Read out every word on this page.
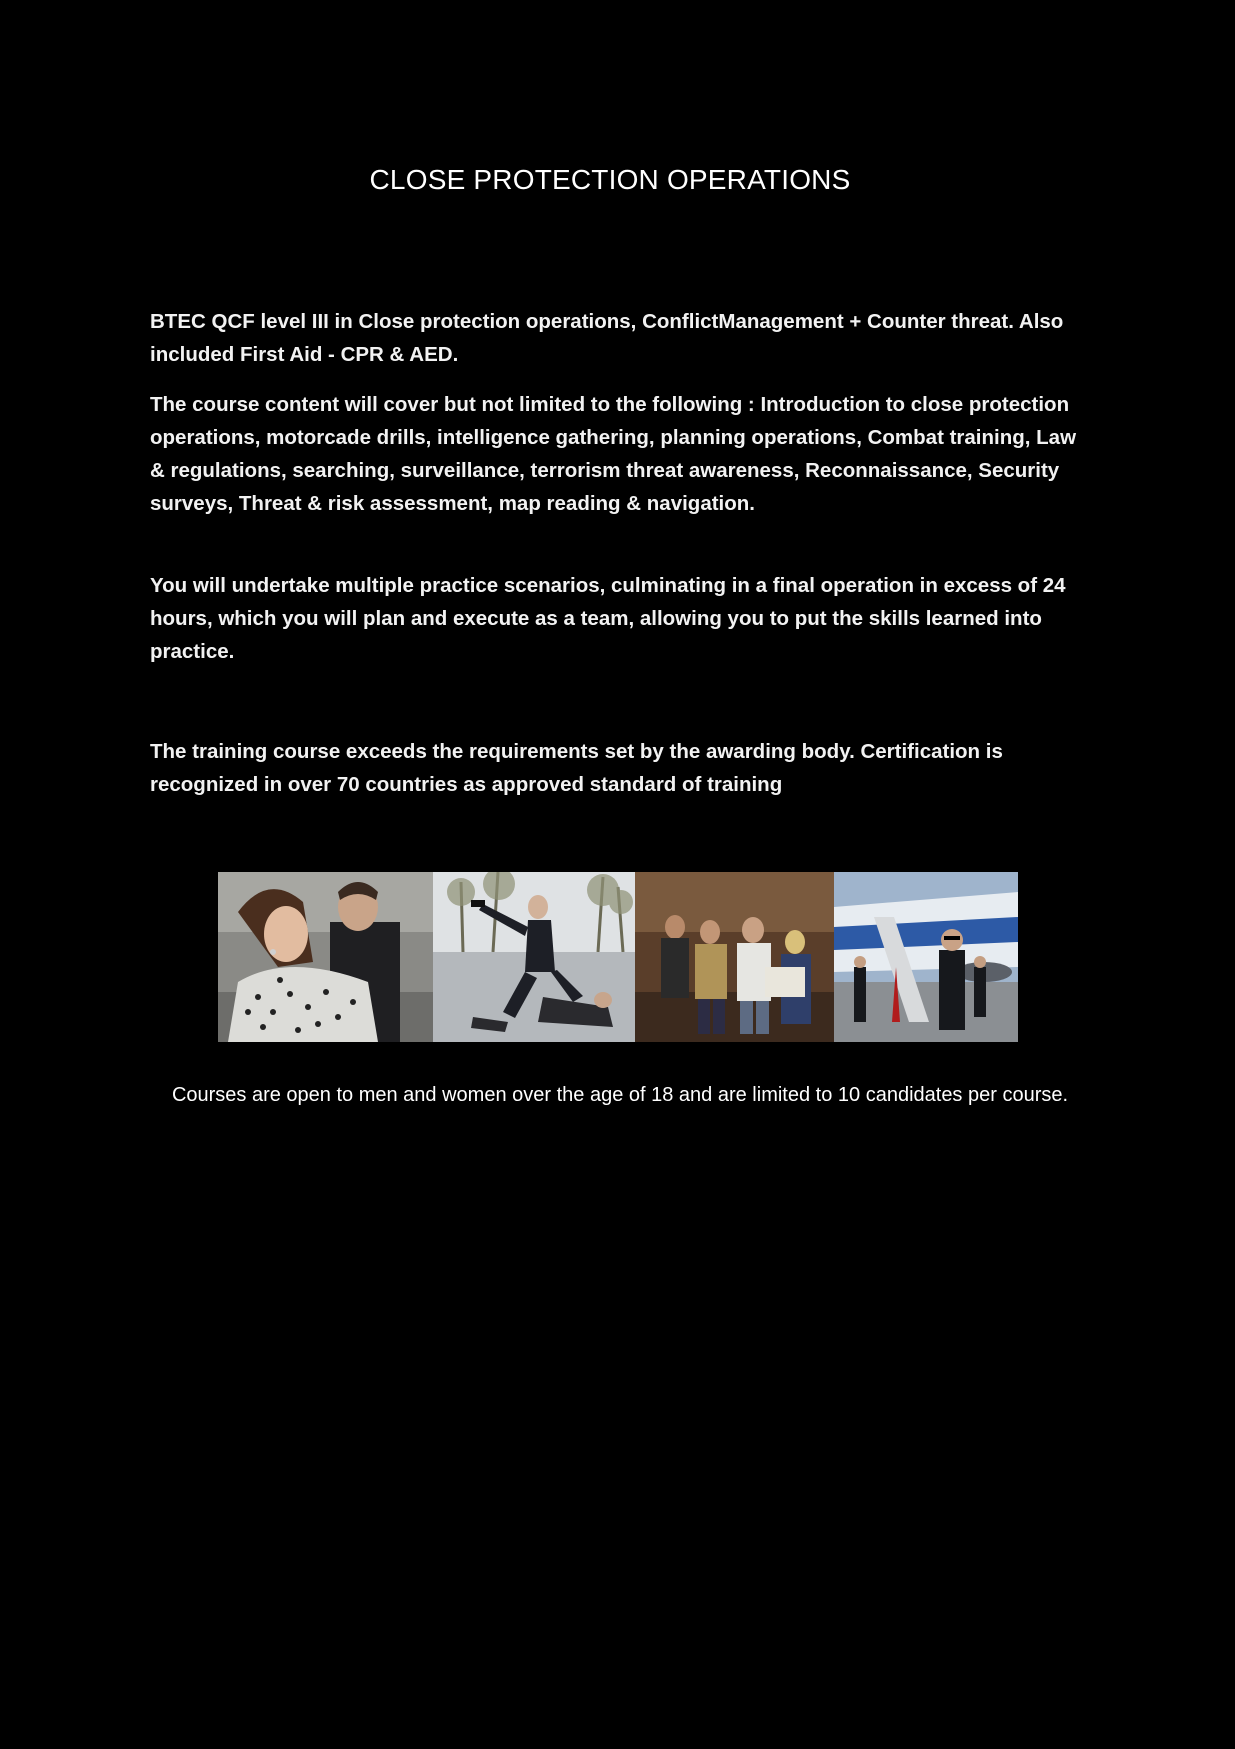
CLOSE PROTECTION OPERATIONS

BTEC QCF level III in Close protection operations, ConflictManagement + Counter threat. Also included First Aid - CPR & AED.

The course content will cover but not limited to the following : Introduction to close protection operations, motorcade drills, intelligence gathering, planning operations, Combat training, Law & regulations, searching, surveillance, terrorism threat awareness, Reconnaissance, Security surveys, Threat & risk assessment, map reading & navigation.

You will undertake multiple practice scenarios, culminating in a final operation in excess of 24 hours, which you will plan and execute as a team, allowing you to put the skills learned into practice.

The training course exceeds the requirements set by the awarding body. Certification is recognized in over 70 countries as approved standard of training

Courses are open to men and women over the age of 18 and are limited to 10 candidates per course.
